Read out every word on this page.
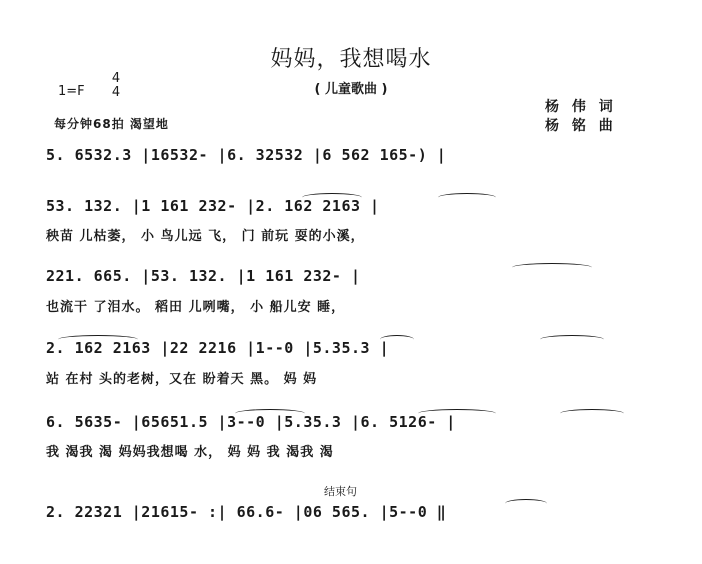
妈妈，我想喝水
( 儿童歌曲 )
1=F
4
4
每分钟68拍 渴望地
杨 伟 词
杨 铭 曲
5. 6532.3 |16532- |6. 32532 |6 562 165-) |
53. 132. |1 161 232- |2. 162 2163 |
秧苗 儿枯萎， 小 鸟儿远 飞， 门 前玩 耍的小溪，
221. 665. |53. 132. |1 161 232- |
也流干 了泪水。 稻田 儿咧嘴， 小 船儿安 睡，
2. 162 2163 |22 2216 |1--0 |5.35.3 |
站 在村 头的老树，又在 盼着天 黑。 妈 妈
6. 5635- |65651.5 |3--0 |5.35.3 |6. 5126- |
我 渴我 渴 妈妈我想喝 水， 妈 妈 我 渴我 渴
结束句
2. 22321 |21615- :| 66.6- |06 565. |5--0 ‖
